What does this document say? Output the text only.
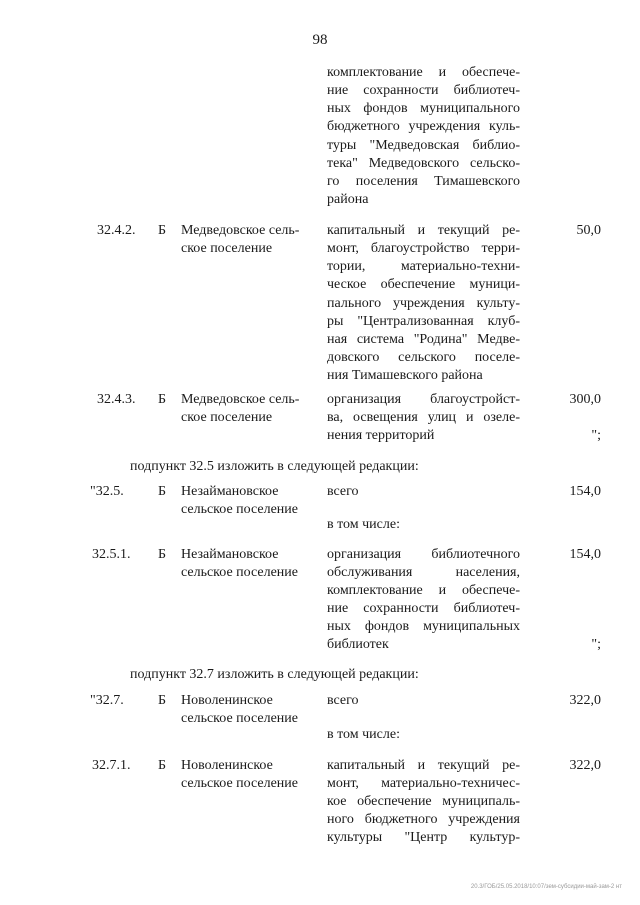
98
комплектование и обеспече-
ние сохранности библиотеч-
ных фондов муниципального
бюджетного учреждения куль-
туры "Медведовская библио-
тека" Медведовского сельско-
го поселения Тимашевского
района
32.4.2. Б Медведовское сель-
ское поселение
капитальный и текущий ре-
монт, благоустройство терри-
тории, материально-техни-
ческое обеспечение муници-
пального учреждения культу-
ры "Централизованная клуб-
ная система "Родина" Медве-
довского сельского поселе-
ния Тимашевского района
50,0
32.4.3. Б Медведовское сель-
ское поселение
организация благоустройст-
ва, освещения улиц и озеле-
нения территорий
300,0
";
подпункт 32.5 изложить в следующей редакции:
"32.5. Б Незаймановское
сельское поселение
всего	154,0
в том числе:
32.5.1. Б Незаймановское
сельское поселение
организация библиотечного
обслуживания населения,
комплектование и обеспече-
ние сохранности библиотеч-
ных фондов муниципальных
библиотек
154,0
";
подпункт 32.7 изложить в следующей редакции:
"32.7. Б Новоленинское
сельское поселение
всего	322,0
в том числе:
32.7.1. Б Новоленинское
сельское поселение
капитальный и текущий ре-
монт, материально-техничес-
кое обеспечение муниципаль-
ного бюджетного учреждения
культуры "Центр культур-
322,0
20.3/ГОБ/25.05.2018/10:07/зем-субсидии-май-зам-2 нт
